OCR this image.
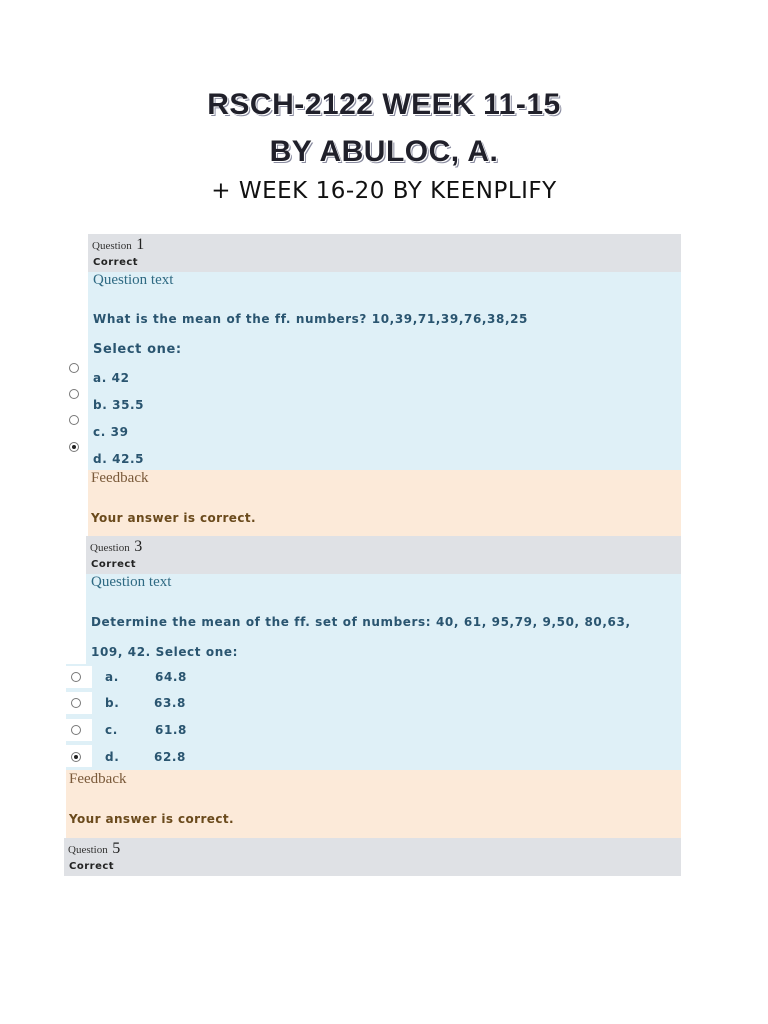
RSCH-2122 WEEK 11-15
BY ABULOC, A.
+ WEEK 16-20 BY KEENPLIFY
Question 1
Correct
Question text
What is the mean of the ff. numbers? 10,39,71,39,76,38,25
Select one:
a. 42
b. 35.5
c. 39
d. 42.5
Feedback
Your answer is correct.
Question 3
Correct
Question text
Determine the mean of the ff. set of numbers: 40, 61, 95,79, 9,50, 80,63,
109, 42. Select one:
a.	64.8
b.	63.8
c.	61.8
d.	62.8
Feedback
Your answer is correct.
Question 5
Correct
